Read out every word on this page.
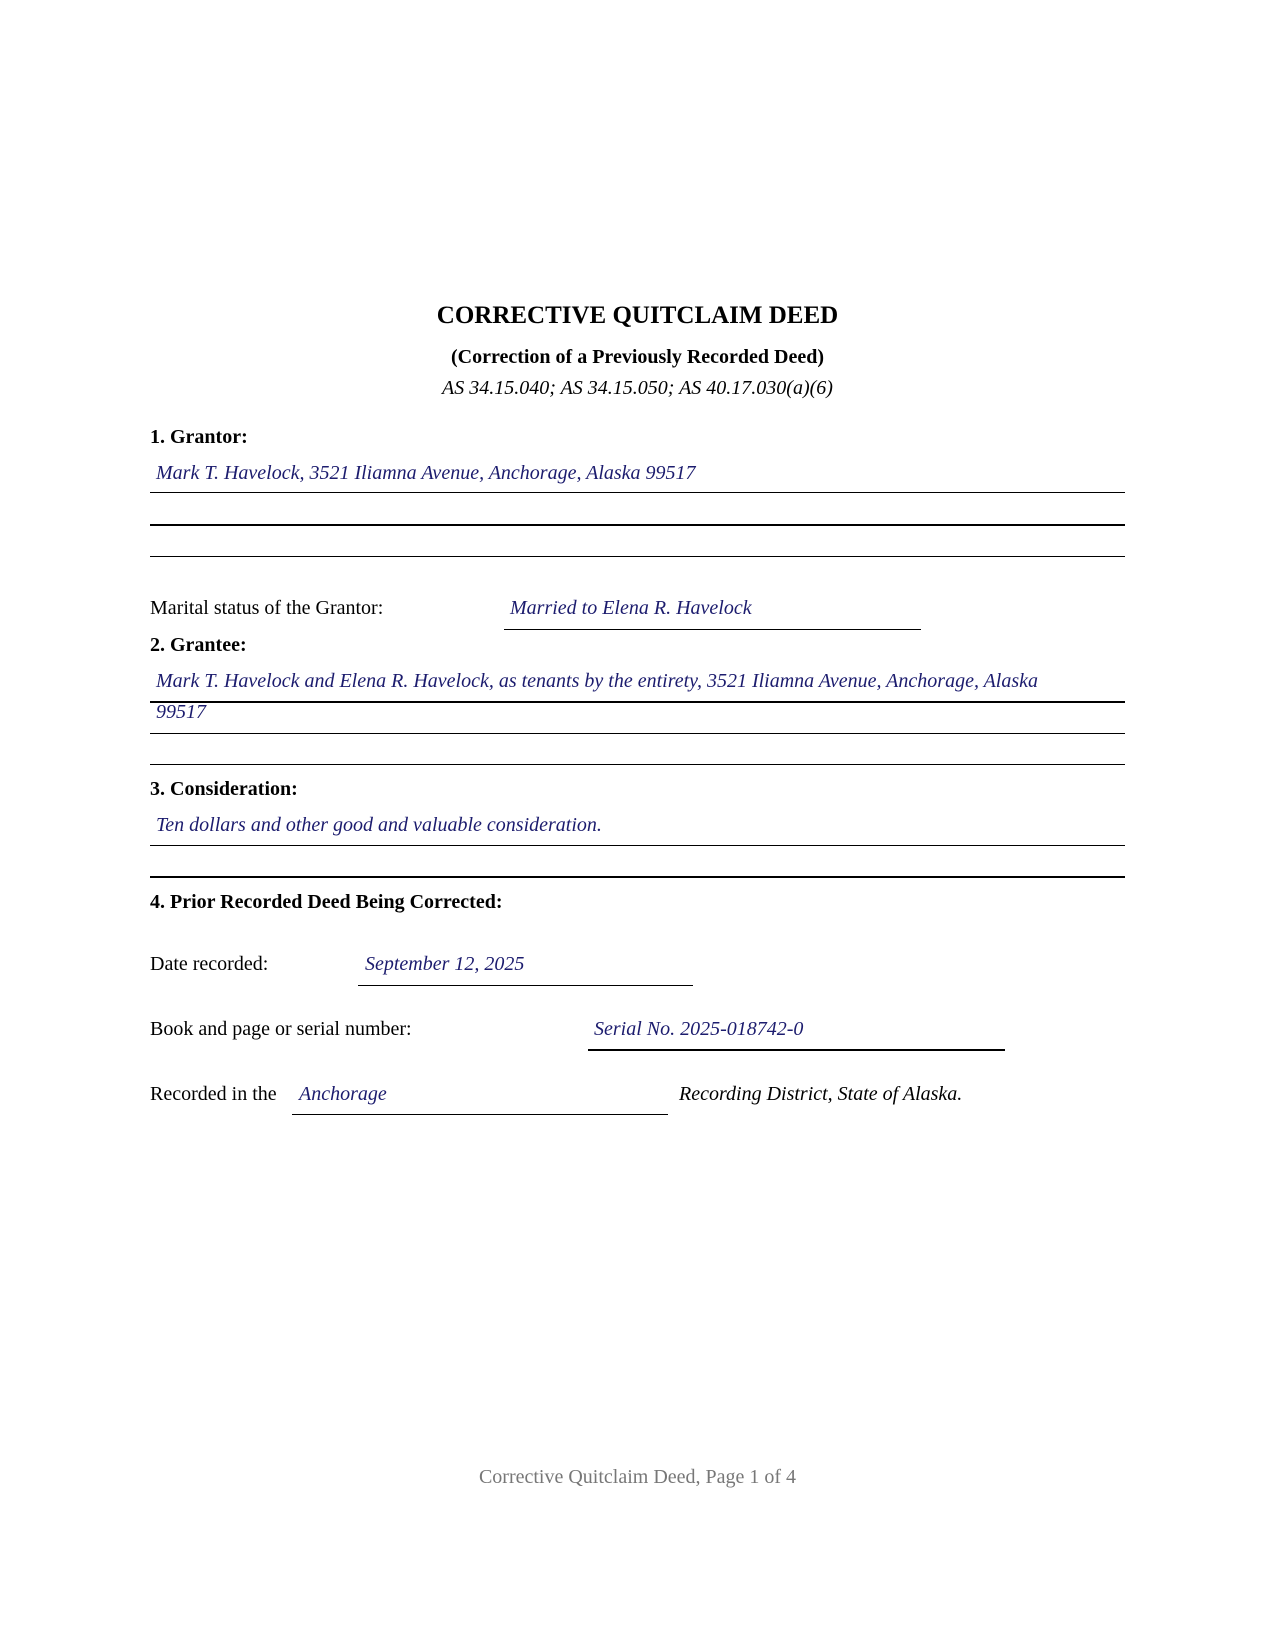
CORRECTIVE QUITCLAIM DEED
(Correction of a Previously Recorded Deed)
AS 34.15.040; AS 34.15.050; AS 40.17.030(a)(6)
1. Grantor:
Mark T. Havelock, 3521 Iliamna Avenue, Anchorage, Alaska 99517
Marital status of the Grantor:	Married to Elena R. Havelock
2. Grantee:
Mark T. Havelock and Elena R. Havelock, as tenants by the entirety, 3521 Iliamna Avenue, Anchorage, Alaska
99517
3. Consideration:
Ten dollars and other good and valuable consideration.
4. Prior Recorded Deed Being Corrected:
Date recorded:	September 12, 2025
Book and page or serial number:	Serial No. 2025-018742-0
Recorded in the Anchorage	Recording District, State of Alaska.
Corrective Quitclaim Deed, Page 1 of 4
